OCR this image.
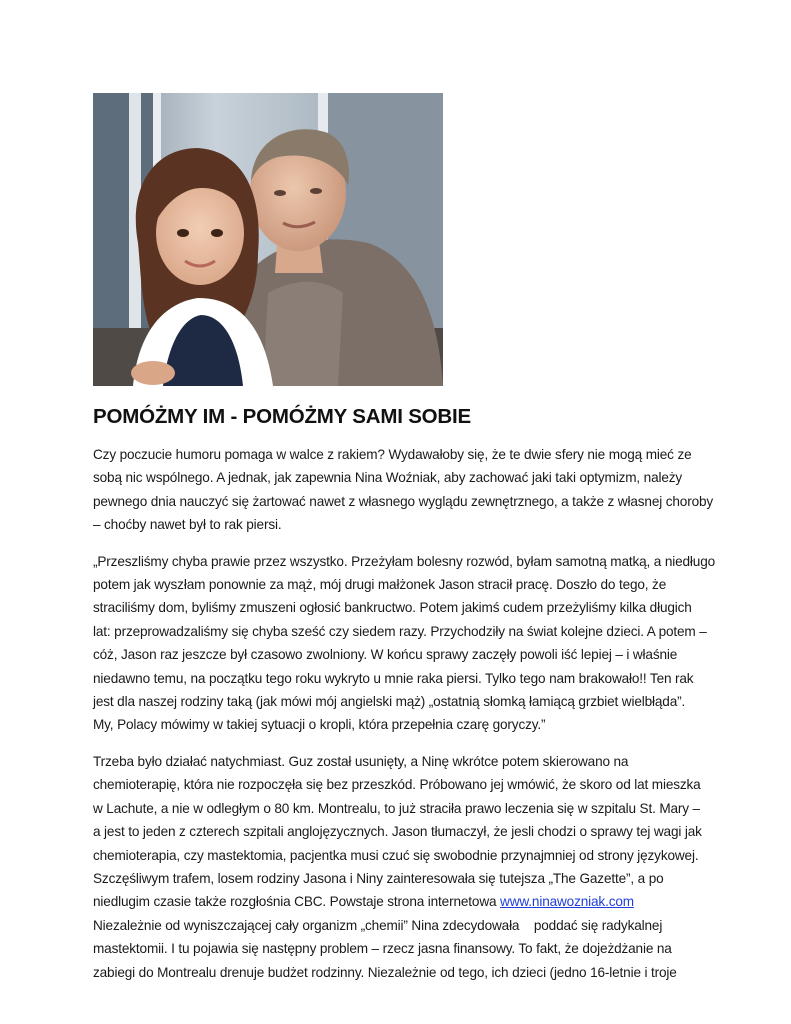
POMÓŻMY IM - POMÓŻMY SAMI SOBIE

Czy poczucie humoru pomaga w walce z rakiem? Wydawałoby się, że te dwie sfery nie mogą mieć ze
sobą nic wspólnego. A jednak, jak zapewnia Nina Woźniak, aby zachować jaki taki optymizm, należy
pewnego dnia nauczyć się żartować nawet z własnego wyglądu zewnętrznego, a także z własnej choroby
– choćby nawet był to rak piersi.

„Przeszliśmy chyba prawie przez wszystko. Przeżyłam bolesny rozwód, byłam samotną matką, a niedługo
potem jak wyszłam ponownie za mąż, mój drugi małżonek Jason stracił pracę. Doszło do tego, że
straciliśmy dom, byliśmy zmuszeni ogłosić bankructwo. Potem jakimś cudem przeżyliśmy kilka długich
lat: przeprowadzaliśmy się chyba sześć czy siedem razy. Przychodziły na świat kolejne dzieci. A potem –
cóż, Jason raz jeszcze był czasowo zwolniony. W końcu sprawy zaczęły powoli iść lepiej – i właśnie
niedawno temu, na początku tego roku wykryto u mnie raka piersi. Tylko tego nam brakowało!! Ten rak
jest dla naszej rodziny taką (jak mówi mój angielski mąż) „ostatnią słomką łamiącą grzbiet wielbłąda”.
My, Polacy mówimy w takiej sytuacji o kropli, która przepełnia czarę goryczy.”

Trzeba było działać natychmiast. Guz został usunięty, a Ninę wkrótce potem skierowano na
chemioterapię, która nie rozpoczęła się bez przeszkód. Próbowano jej wmówić, że skoro od lat mieszka
w Lachute, a nie w odległym o 80 km. Montrealu, to już straciła prawo leczenia się w szpitalu St. Mary –
a jest to jeden z czterech szpitali anglojęzycznych. Jason tłumaczył, że jesli chodzi o sprawy tej wagi jak
chemioterapia, czy mastektomia, pacjentka musi czuć się swobodnie przynajmniej od strony językowej.
Szczęśliwym trafem, losem rodziny Jasona i Niny zainteresowała się tutejsza „The Gazette”, a po
niedlugim czasie także rozgłośnia CBC. Powstaje strona internetowa www.ninawozniak.com
Niezależnie od wyniszczającej cały organizm „chemii” Nina zdecydowała    poddać się radykalnej
mastektomii. I tu pojawia się następny problem – rzecz jasna finansowy. To fakt, że dojeżdżanie na
zabiegi do Montrealu drenuje budżet rodzinny. Niezależnie od tego, ich dzieci (jedno 16-letnie i troje
